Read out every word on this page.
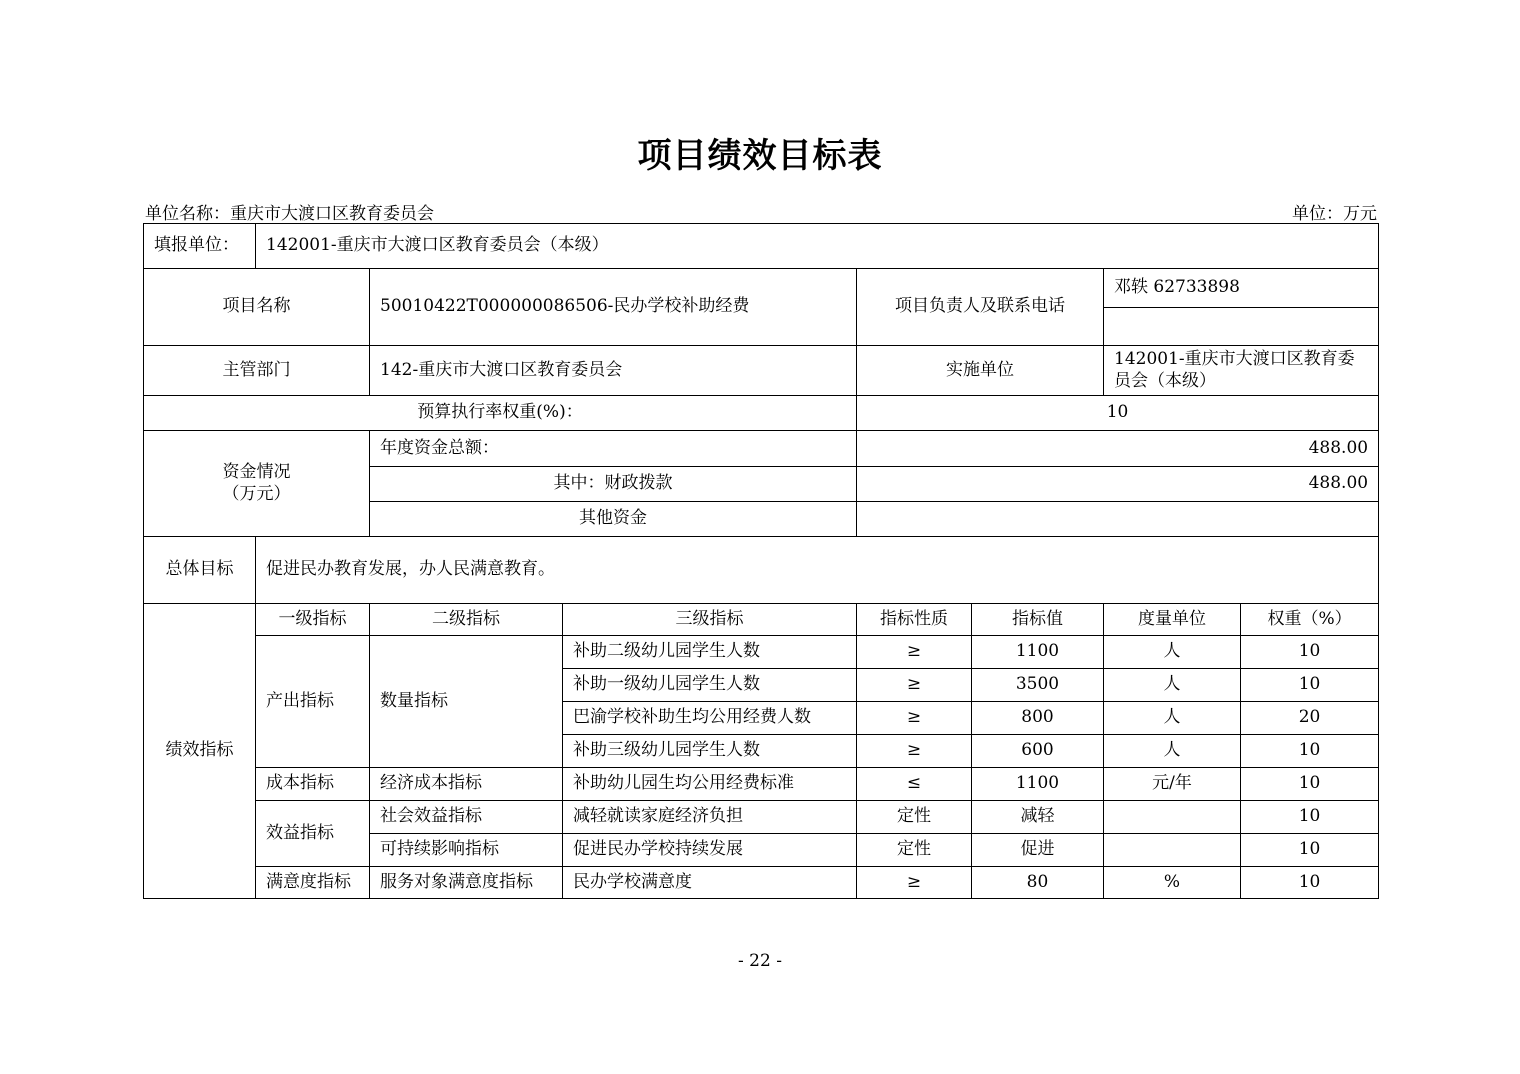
项目绩效目标表
单位名称：重庆市大渡口区教育委员会	单位：万元
填报单位：	142001-重庆市大渡口区教育委员会（本级）						
项目名称		50010422T000000086506-民办学校补助经费		项目负责人及联系电话		邓轶 62733898	

主管部门		142-重庆市大渡口区教育委员会		实施单位		142001-重庆市大渡口区教育委员会（本级）	
预算执行率权重(%)：				10			

资金情况
（万元）		年度资金总额：		488.00			
		其中：财政拨款		488.00			
		其他资金					
总体目标	促进民办教育发展，办人民满意教育。						
绩效指标	一级指标	二级指标	三级指标	指标性质	指标值	度量单位	权重（%）
	产出指标	数量指标	补助二级幼儿园学生人数	≥	1100	人	10
			补助一级幼儿园学生人数	≥	3500	人	10
			巴渝学校补助生均公用经费人数	≥	800	人	20
			补助三级幼儿园学生人数	≥	600	人	10
	成本指标	经济成本指标	补助幼儿园生均公用经费标准	≤	1100	元/年	10
	效益指标	社会效益指标	减轻就读家庭经济负担	定性	减轻		10
		可持续影响指标	促进民办学校持续发展	定性	促进		10
	满意度指标	服务对象满意度指标	民办学校满意度	≥	80	%	10
- 22 -
